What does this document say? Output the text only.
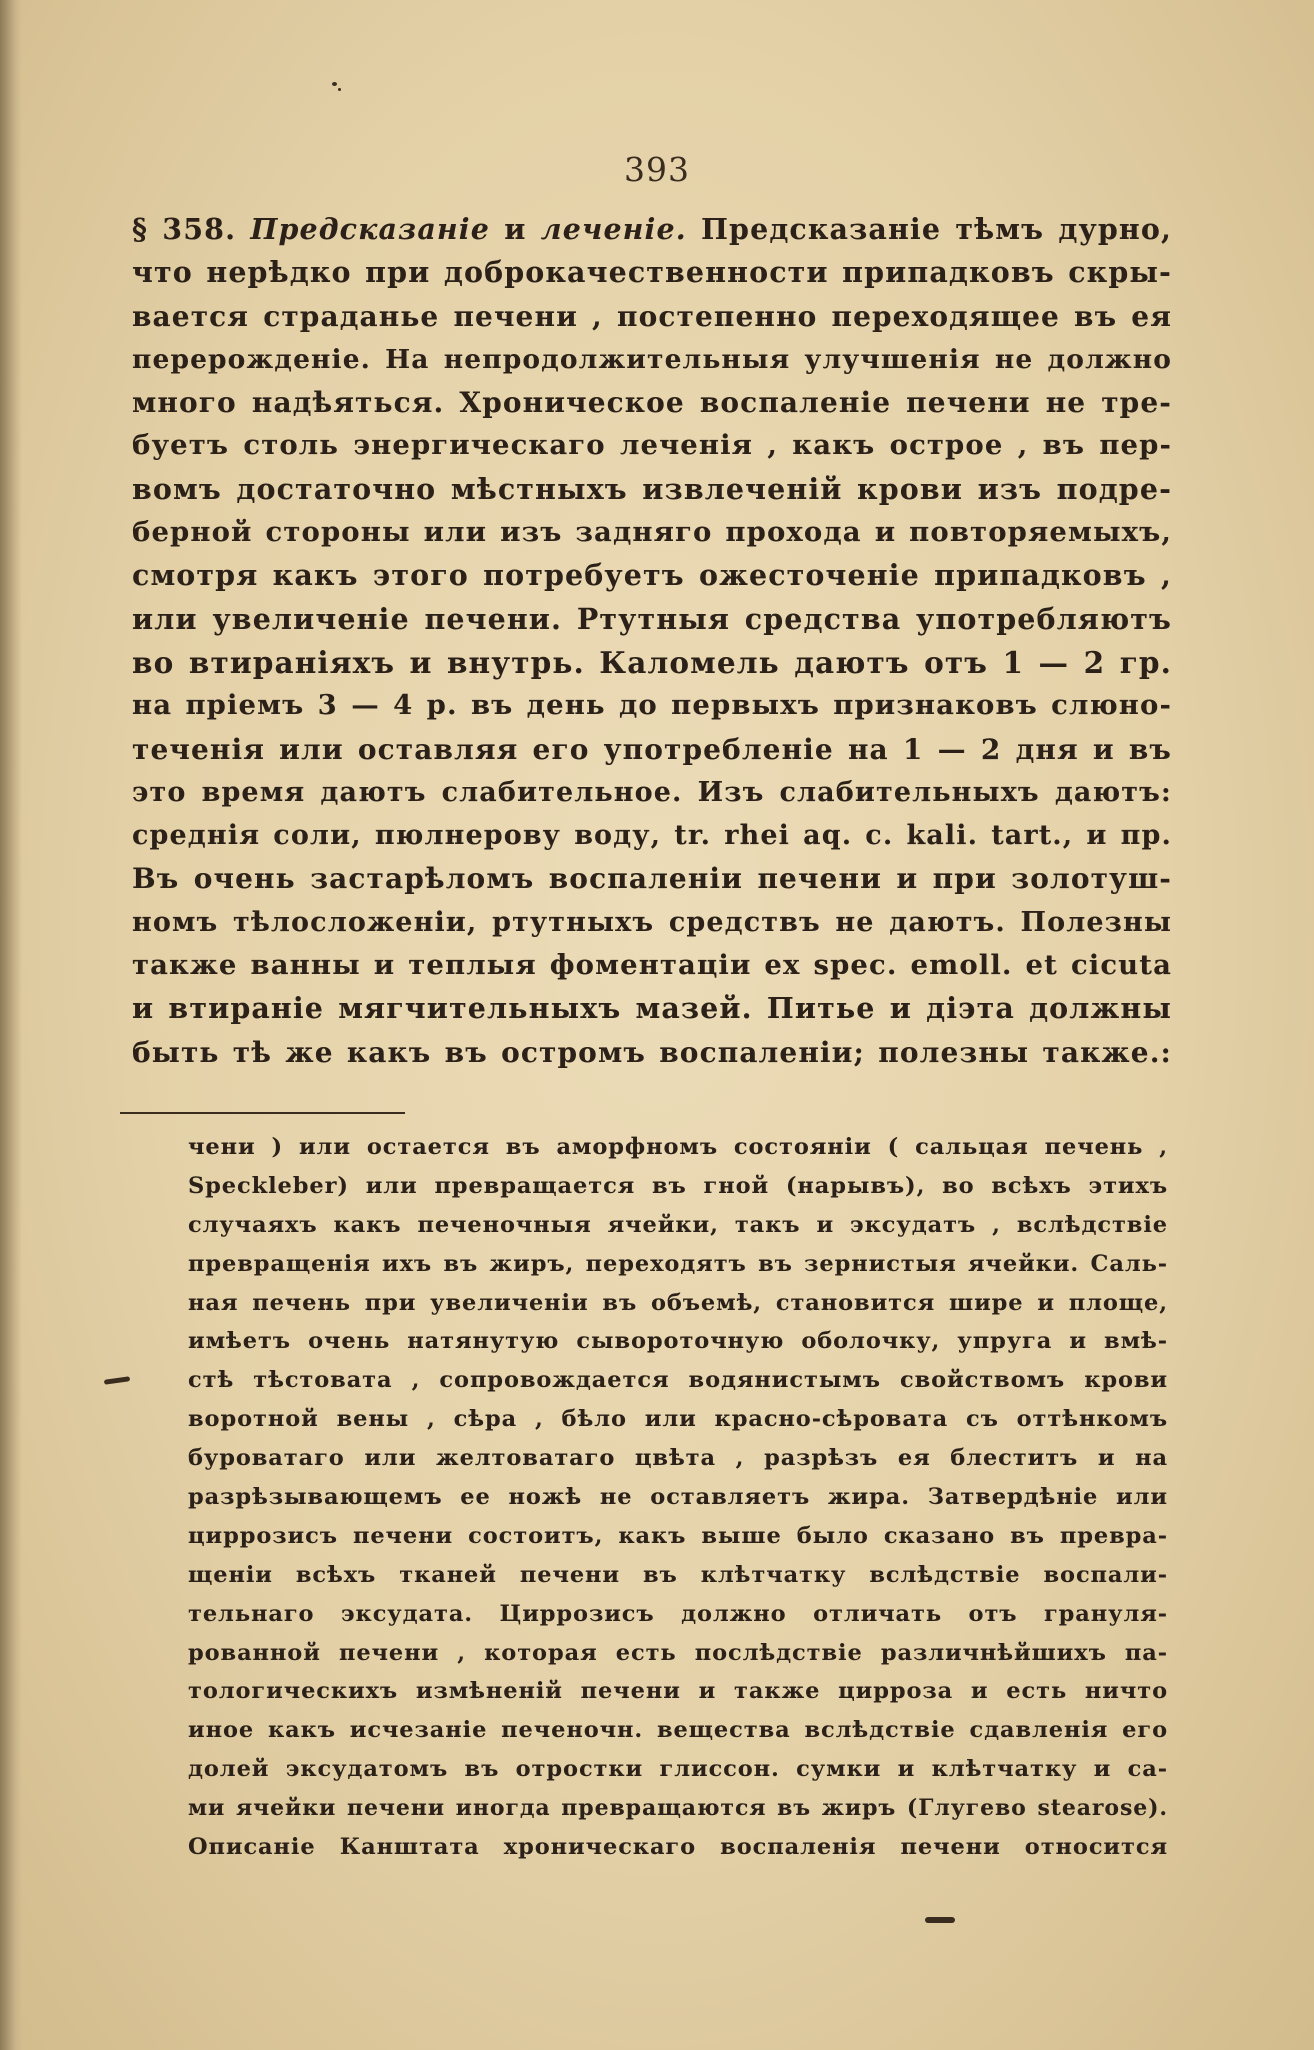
393
§ 358. Предсказаніе и леченіе. Предсказаніе тѣмъ дурно,
что нерѣдко при доброкачественности припадковъ скры-
вается страданье печени , постепенно переходящее въ ея
перерожденіе. На непродолжительныя улучшенія не должно
много надѣяться. Хроническое воспаленіе печени не тре-
буетъ столь энергическаго леченія , какъ острое , въ пер-
вомъ достаточно мѣстныхъ извлеченій крови изъ подре-
берной стороны или изъ задняго прохода и повторяемыхъ,
смотря какъ этого потребуетъ ожесточеніе припадковъ ,
или увеличеніе печени. Ртутныя средства употребляютъ
во втираніяхъ и внутрь. Каломель даютъ отъ 1 — 2 гр.
на пріемъ 3 — 4 р. въ день до первыхъ признаковъ слюно-
теченія или оставляя его употребленіе на 1 — 2 дня и въ
это время даютъ слабительное. Изъ слабительныхъ даютъ:
среднія соли, пюлнерову воду, tr. rhei aq. c. kali. tart., и пр.
Въ очень застарѣломъ воспаленіи печени и при золотуш-
номъ тѣлосложеніи, ртутныхъ средствъ не даютъ. Полезны
также ванны и теплыя фоментаціи ex spec. emoll. et cicuta
и втираніе мягчительныхъ мазей. Питье и діэта должны
быть тѣ же какъ въ остромъ воспаленіи; полезны также.:
чени ) или остается въ аморфномъ состояніи ( сальцая печень ,
Speckleber) или превращается въ гной (нарывъ), во всѣхъ этихъ
случаяхъ какъ печеночныя ячейки, такъ и эксудатъ , вслѣдствіе
превращенія ихъ въ жиръ, переходятъ въ зернистыя ячейки. Саль-
ная печень при увеличеніи въ объемѣ, становится шире и площе,
имѣетъ очень натянутую сывороточную оболочку, упруга и вмѣ-
стѣ тѣстовата , сопровождается водянистымъ свойствомъ крови
воротной вены , сѣра , бѣло или красно-сѣровата съ оттѣнкомъ
буроватаго или желтоватаго цвѣта , разрѣзъ ея блеститъ и на
разрѣзывающемъ ее ножѣ не оставляетъ жира. Затвердѣніе или
циррозисъ печени состоитъ, какъ выше было сказано въ превра-
щеніи всѣхъ тканей печени въ клѣтчатку вслѣдствіе воспали-
тельнаго эксудата. Циррозисъ должно отличать отъ грануля-
рованной печени , которая есть послѣдствіе различнѣйшихъ па-
тологическихъ измѣненій печени и также цирроза и есть ничто
иное какъ исчезаніе печеночн. вещества вслѣдствіе сдавленія его
долей эксудатомъ въ отростки глиссон. сумки и клѣтчатку и са-
ми ячейки печени иногда превращаются въ жиръ (Глугево stearose).
Описаніе Канштата хроническаго воспаленія печени относится
